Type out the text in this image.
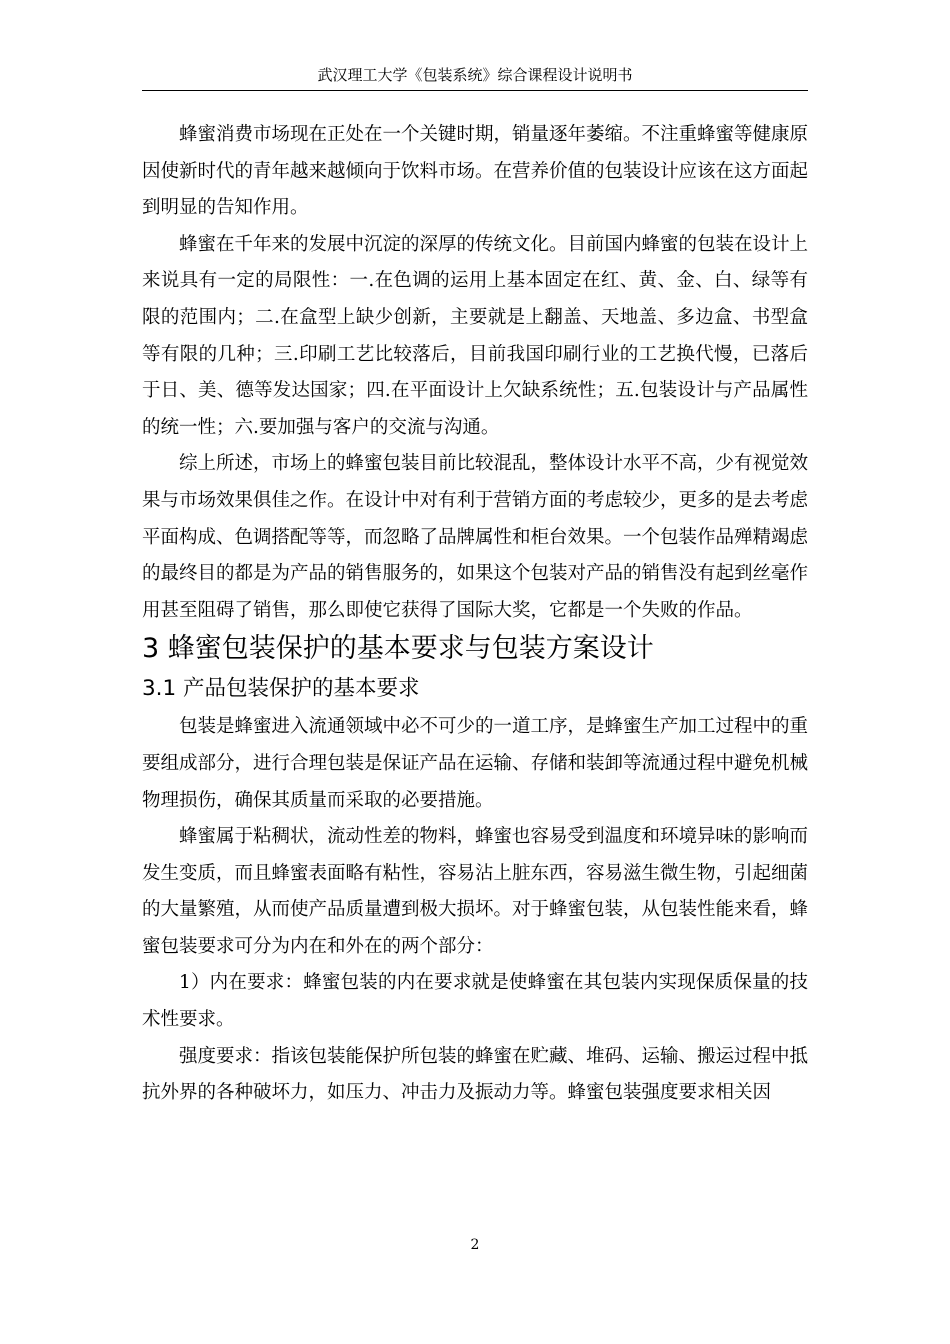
武汉理工大学《包装系统》综合课程设计说明书

蜂蜜消费市场现在正处在一个关键时期，销量逐年萎缩。不注重蜂蜜等健康原因使新时代的青年越来越倾向于饮料市场。在营养价值的包装设计应该在这方面起到明显的告知作用。

蜂蜜在千年来的发展中沉淀的深厚的传统文化。目前国内蜂蜜的包装在设计上来说具有一定的局限性：一.在色调的运用上基本固定在红、黄、金、白、绿等有限的范围内；二.在盒型上缺少创新，主要就是上翻盖、天地盖、多边盒、书型盒等有限的几种；三.印刷工艺比较落后，目前我国印刷行业的工艺换代慢，已落后于日、美、德等发达国家；四.在平面设计上欠缺系统性；五.包装设计与产品属性的统一性；六.要加强与客户的交流与沟通。

综上所述，市场上的蜂蜜包装目前比较混乱，整体设计水平不高，少有视觉效果与市场效果俱佳之作。在设计中对有利于营销方面的考虑较少，更多的是去考虑平面构成、色调搭配等等，而忽略了品牌属性和柜台效果。一个包装作品殚精竭虑的最终目的都是为产品的销售服务的，如果这个包装对产品的销售没有起到丝毫作用甚至阻碍了销售，那么即使它获得了国际大奖，它都是一个失败的作品。

3 蜂蜜包装保护的基本要求与包装方案设计
3.1 产品包装保护的基本要求

包装是蜂蜜进入流通领域中必不可少的一道工序，是蜂蜜生产加工过程中的重要组成部分，进行合理包装是保证产品在运输、存储和装卸等流通过程中避免机械物理损伤，确保其质量而采取的必要措施。

蜂蜜属于粘稠状，流动性差的物料，蜂蜜也容易受到温度和环境异味的影响而发生变质，而且蜂蜜表面略有粘性，容易沾上脏东西，容易滋生微生物，引起细菌的大量繁殖，从而使产品质量遭到极大损坏。对于蜂蜜包装，从包装性能来看，蜂蜜包装要求可分为内在和外在的两个部分：

1）内在要求：蜂蜜包装的内在要求就是使蜂蜜在其包装内实现保质保量的技术性要求。

强度要求：指该包装能保护所包装的蜂蜜在贮藏、堆码、运输、搬运过程中抵抗外界的各种破坏力，如压力、冲击力及振动力等。蜂蜜包装强度要求相关因

2
